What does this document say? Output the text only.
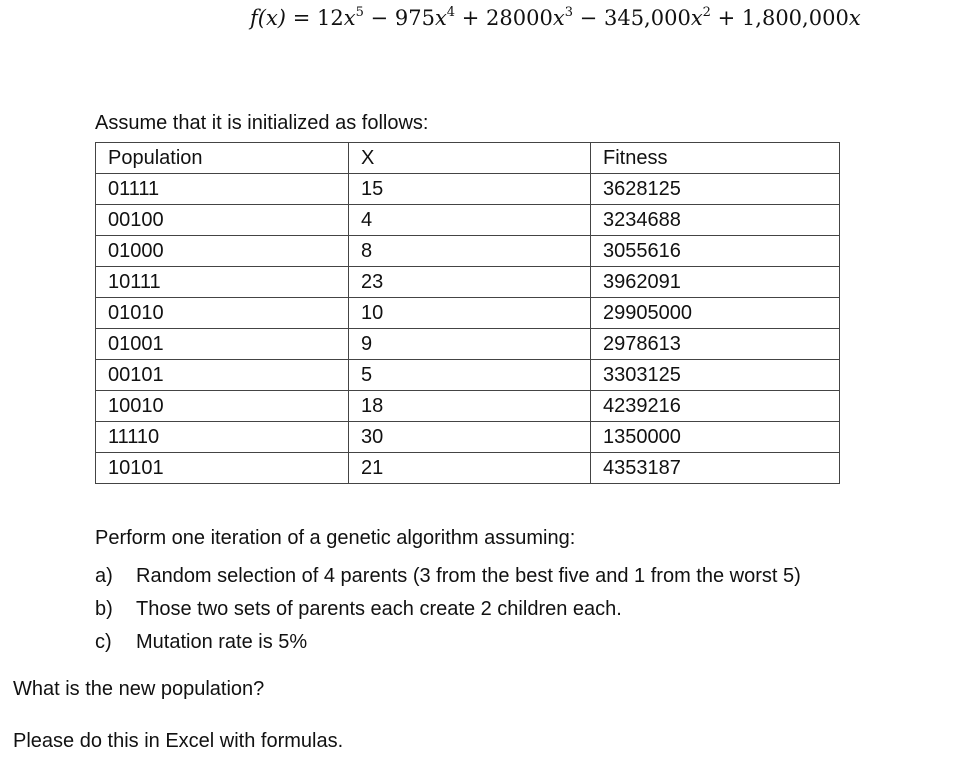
$f(x) = 12x^5 - 975x^4 + 28000x^3 - 345,000x^2 + 1,800,000x$
Assume that it is initialized as follows:
Population	X	Fitness
01111	15	3628125
00100	4	3234688
01000	8	3055616
10111	23	3962091
01010	10	29905000
01001	9	2978613
00101	5	3303125
10010	18	4239216
11110	30	1350000
10101	21	4353187
Perform one iteration of a genetic algorithm assuming:
a)	Random selection of 4 parents (3 from the best five and 1 from the worst 5)
b)	Those two sets of parents each create 2 children each.
c)	Mutation rate is 5%
What is the new population?
Please do this in Excel with formulas.
